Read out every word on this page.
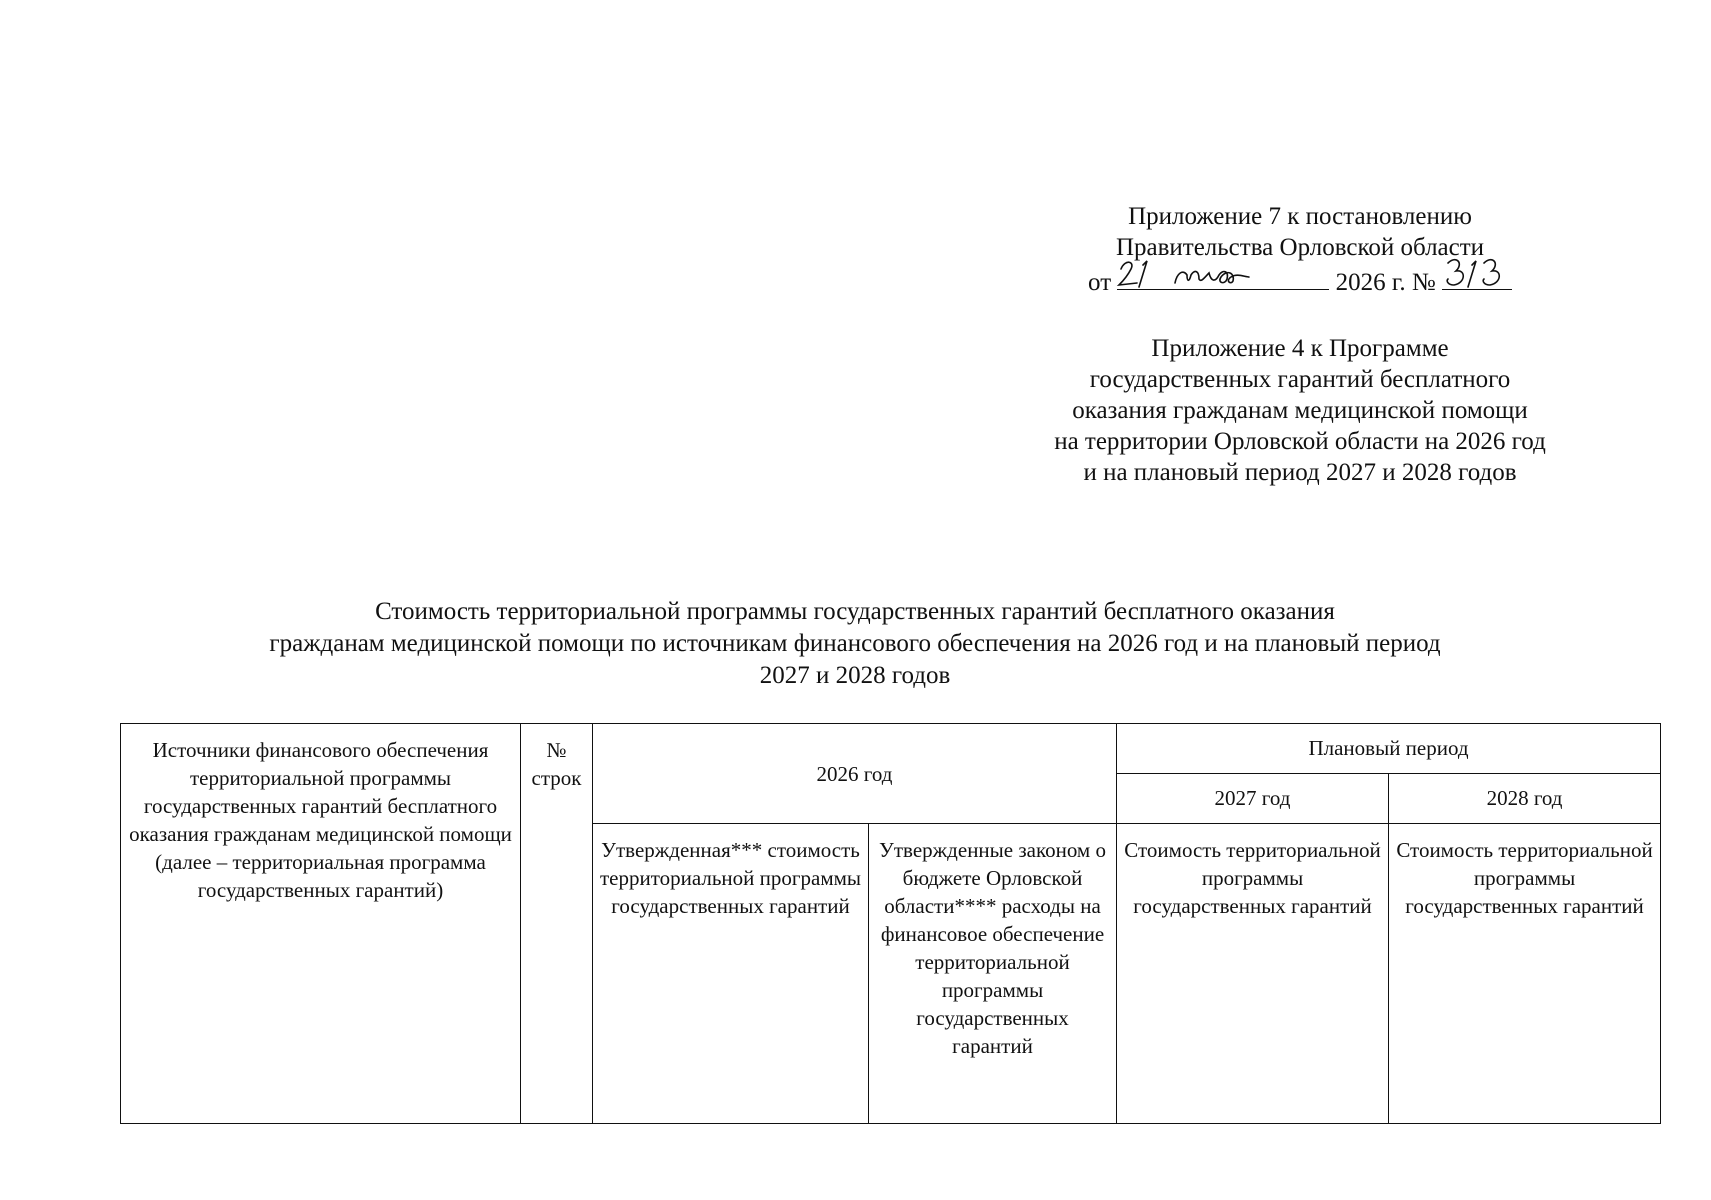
Приложение 7 к постановлению
Правительства Орловской области
от	2026 г. №
Приложение 4 к Программе
государственных гарантий бесплатного
оказания гражданам медицинской помощи
на территории Орловской области на 2026 год
и на плановый период 2027 и 2028 годов
Стоимость территориальной программы государственных гарантий бесплатного оказания
гражданам медицинской помощи по источникам финансового обеспечения на 2026 год и на плановый период
2027 и 2028 годов
Источники финансового обеспечения территориальной программы государственных гарантий бесплатного оказания гражданам медицинской помощи (далее – территориальная программа государственных гарантий)	№ строк	2026 год		Плановый период	
				2027 год	2028 год
		Утвержденная*** стоимость территориальной программы государственных гарантий	Утвержденные законом о бюджете Орловской области**** расходы на финансовое обеспечение территориальной программы государственных гарантий	Стоимость территориальной программы государственных гарантий	Стоимость территориальной программы государственных гарантий
